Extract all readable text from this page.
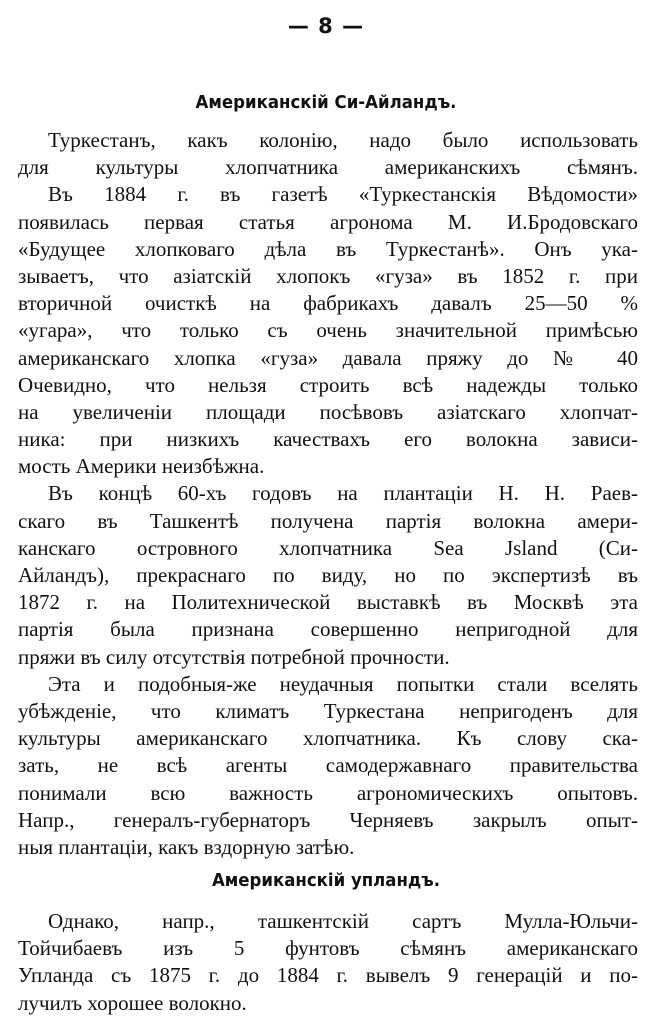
— 8 —
Американскій Си-Айландъ.
Туркестанъ, какъ колонію, надо было использовать
для культуры хлопчатника американскихъ сѣмянъ.
Въ 1884 г. въ газетѣ «Туркестанскія Вѣдомости»
появилась первая статья агронома М. И.Бродовскаго
«Будущее хлопковаго дѣла въ Туркестанѣ». Онъ ука-
зываетъ, что азіатскій хлопокъ «гуза» въ 1852 г. при
вторичной очисткѣ на фабрикахъ давалъ 25—50 %
«угара», что только съ очень значительной примѣсью
американскаго хлопка «гуза» давала пряжу до № 40
Очевидно, что нельзя строить всѣ надежды только
на увеличеніи площади посѣвовъ азіатскаго хлопчат-
ника: при низкихъ качествахъ его волокна зависи-
мость Америки неизбѣжна.
Въ концѣ 60-хъ годовъ на плантаціи Н. Н. Раев-
скаго въ Ташкентѣ получена партія волокна амери-
канскаго островного хлопчатника Sea Jsland (Си-
Айландъ), прекраснаго по виду, но по экспертизѣ въ
1872 г. на Политехнической выставкѣ въ Москвѣ эта
партія была признана совершенно непригодной для
пряжи въ силу отсутствія потребной прочности.
Эта и подобныя-же неудачныя попытки стали вселять
убѣжденіе, что климатъ Туркестана непригоденъ для
культуры американскаго хлопчатника. Къ слову ска-
зать, не всѣ агенты самодержавнаго правительства
понимали всю важность агрономическихъ опытовъ.
Напр., генералъ-губернаторъ Черняевъ закрылъ опыт-
ныя плантаціи, какъ вздорную затѣю.
Американскій упландъ.
Однако, напр., ташкентскій сартъ Мулла-Юльчи-
Тойчибаевъ изъ 5 фунтовъ сѣмянъ американскаго
Упланда съ 1875 г. до 1884 г. вывелъ 9 генерацій и по-
лучилъ хорошее волокно.
